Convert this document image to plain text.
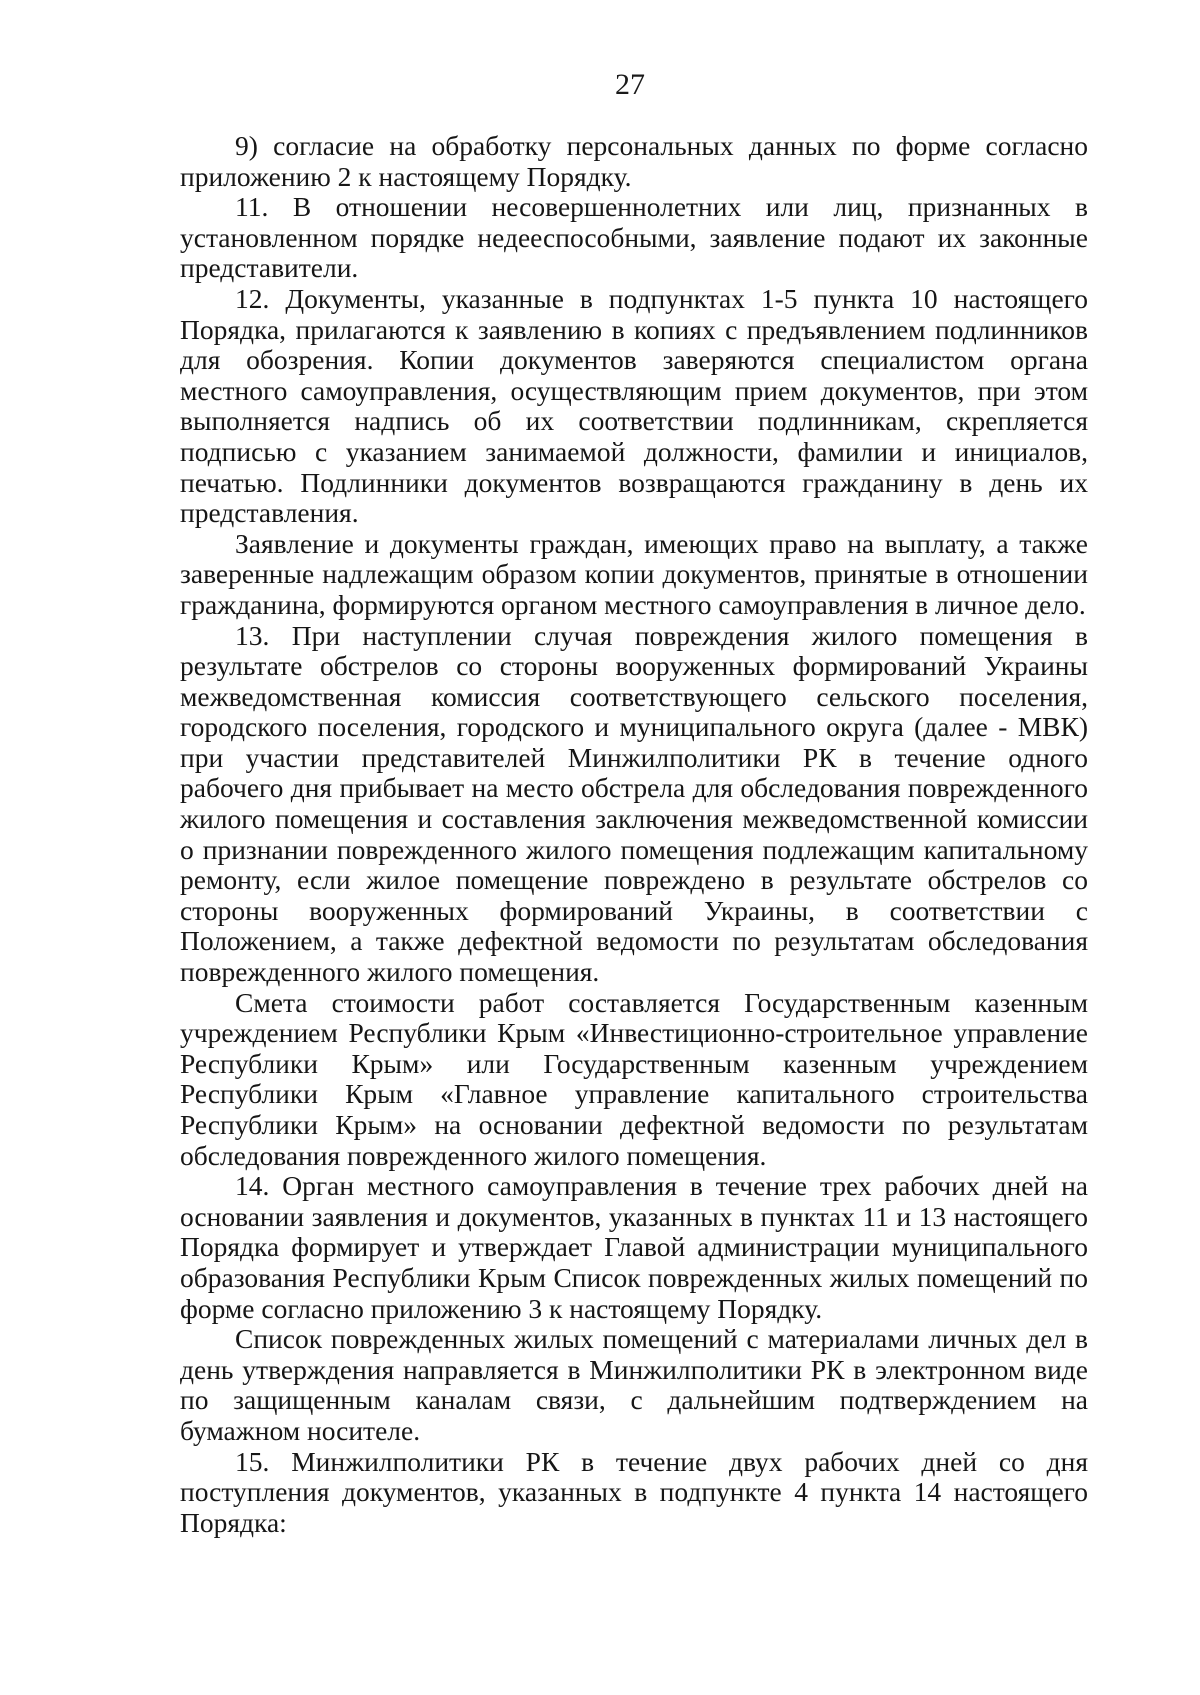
27

9) согласие на обработку персональных данных по форме согласно приложению 2 к настоящему Порядку.

11. В отношении несовершеннолетних или лиц, признанных в установленном порядке недееспособными, заявление подают их законные представители.

12. Документы, указанные в подпунктах 1-5 пункта 10 настоящего Порядка, прилагаются к заявлению в копиях с предъявлением подлинников для обозрения. Копии документов заверяются специалистом органа местного самоуправления, осуществляющим прием документов, при этом выполняется надпись об их соответствии подлинникам, скрепляется подписью с указанием занимаемой должности, фамилии и инициалов, печатью. Подлинники документов возвращаются гражданину в день их представления.

Заявление и документы граждан, имеющих право на выплату, а также заверенные надлежащим образом копии документов, принятые в отношении гражданина, формируются органом местного самоуправления в личное дело.

13. При наступлении случая повреждения жилого помещения в результате обстрелов со стороны вооруженных формирований Украины межведомственная комиссия соответствующего сельского поселения, городского поселения, городского и муниципального округа (далее - МВК) при участии представителей Минжилполитики РК в течение одного рабочего дня прибывает на место обстрела для обследования поврежденного жилого помещения и составления заключения межведомственной комиссии о признании поврежденного жилого помещения подлежащим капитальному ремонту, если жилое помещение повреждено в результате обстрелов со стороны вооруженных формирований Украины, в соответствии с Положением, а также дефектной ведомости по результатам обследования поврежденного жилого помещения.

Смета стоимости работ составляется Государственным казенным учреждением Республики Крым «Инвестиционно-строительное управление Республики Крым» или Государственным казенным учреждением Республики Крым «Главное управление капитального строительства Республики Крым» на основании дефектной ведомости по результатам обследования поврежденного жилого помещения.

14. Орган местного самоуправления в течение трех рабочих дней на основании заявления и документов, указанных в пунктах 11 и 13 настоящего Порядка формирует и утверждает Главой администрации муниципального образования Республики Крым Список поврежденных жилых помещений по форме согласно приложению 3 к настоящему Порядку.

Список поврежденных жилых помещений с материалами личных дел в день утверждения направляется в Минжилполитики РК в электронном виде по защищенным каналам связи, с дальнейшим подтверждением на бумажном носителе.

15. Минжилполитики РК в течение двух рабочих дней со дня поступления документов, указанных в подпункте 4 пункта 14 настоящего Порядка:
